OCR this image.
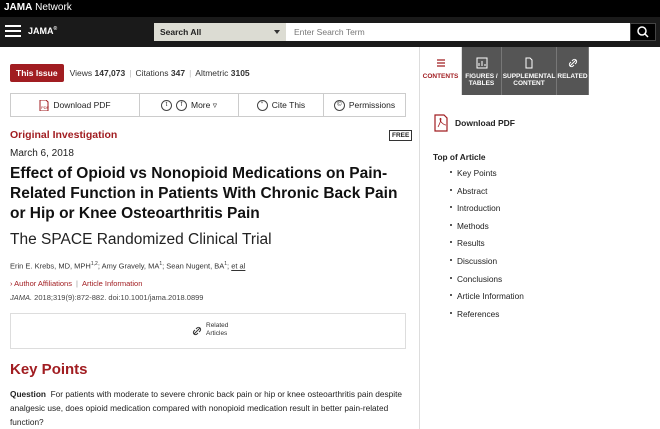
JAMA Network
JAMA®	Search All
Enter Search Term
This Issue	Views 147,073 | Citations 347 | Altmetric 3105
PDF Download PDF	t	f	More ▿	“	Cite This	© Permissions
Original Investigation	FREE
March 6, 2018
Effect of Opioid vs Nonopioid Medications on Pain-Related Function in Patients With Chronic Back Pain or Hip or Knee Osteoarthritis Pain
The SPACE Randomized Clinical Trial
Erin E. Krebs, MD, MPH$^{1,2}$; Amy Gravely, $MA^1$; Sean Nugent, $BA^1$; et al
› Author Affiliations | Article Information
JAMA. 2018;319(9):872-882. doi:10.1001/jama.2018.0899
Related Articles
Key Points
Question For patients with moderate to severe chronic back pain or hip or knee osteoarthritis pain despite analgesic use, does opioid medication compared with nonopioid medication result in better pain-related function?
CONTENTS	FIGURES / TABLES
SUPPLEMENTAL CONTENT
RELATED
Download PDF
Top of Article
Key Points
Abstract
Introduction
Methods
Results
Discussion
Conclusions
Article Information
References
